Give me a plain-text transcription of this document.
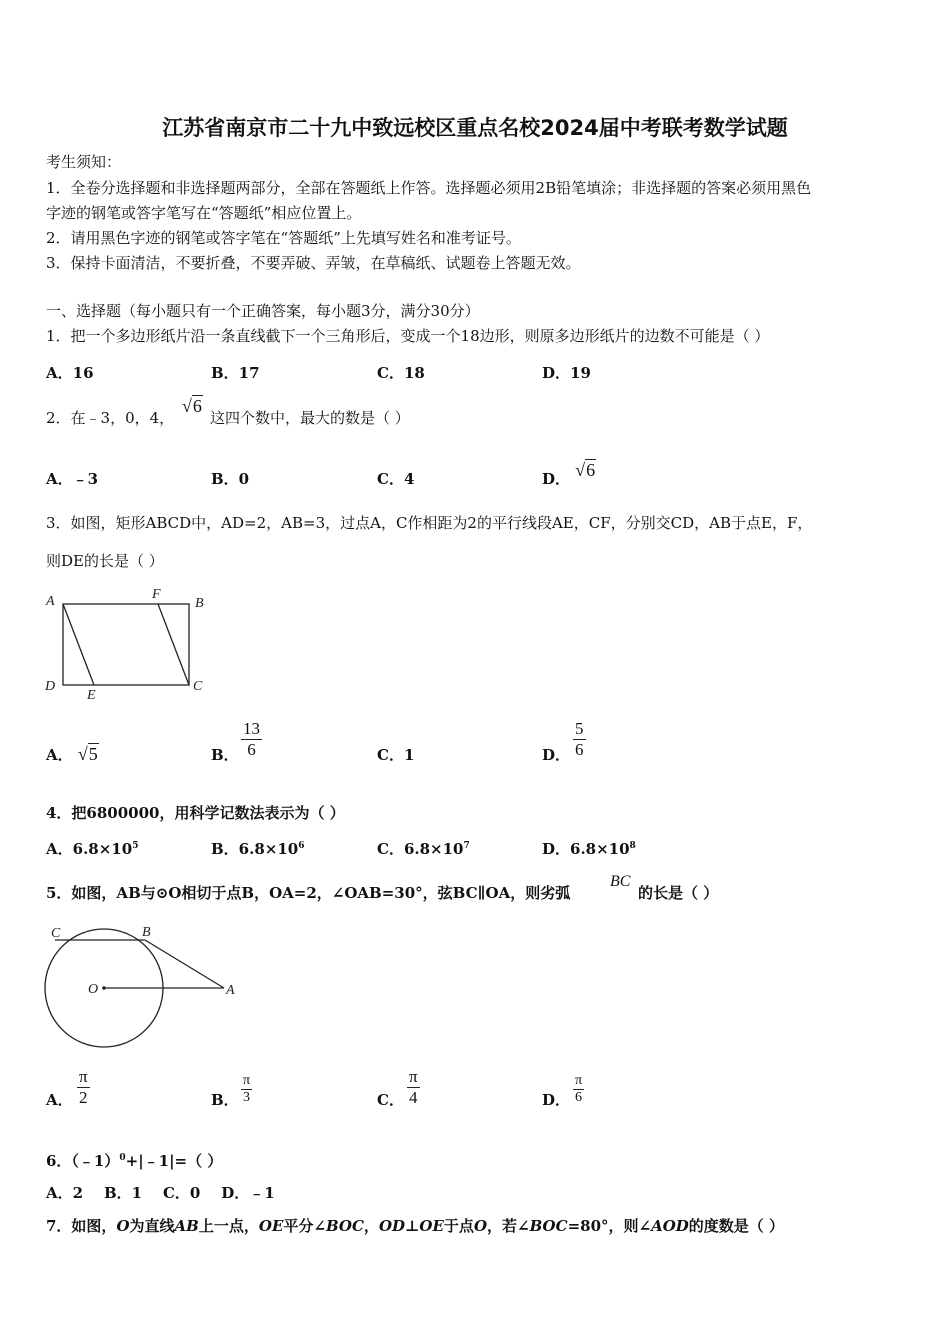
江苏省南京市二十九中致远校区重点名校2024届中考联考数学试题
考生须知：
1．全卷分选择题和非选择题两部分，全部在答题纸上作答。选择题必须用2B铅笔填涂；非选择题的答案必须用黑色
字迹的钢笔或答字笔写在“答题纸”相应位置上。
2．请用黑色字迹的钢笔或答字笔在“答题纸”上先填写姓名和准考证号。
3．保持卡面清洁，不要折叠，不要弄破、弄皱，在草稿纸、试题卷上答题无效。
一、选择题（每小题只有一个正确答案，每小题3分，满分30分）
1．把一个多边形纸片沿一条直线截下一个三角形后，变成一个18边形，则原多边形纸片的边数不可能是（ ）
A．16	B．17	C．18	D．19
2．在﹣3，0，4，
√6
这四个数中，最大的数是（ ）
A．﹣3	B．0	C．4	D． √6
3．如图，矩形ABCD中，AD=2，AB=3，过点A，C作相距为2的平行线段AE，CF，分别交CD，AB于点E，F，
则DE的长是（ ）
A	F
B
D
E
C
A． √5	B． $\frac{13}{6}$	C．1	D． $\frac{5}{6}$
4．把6800000，用科学记数法表示为（ ）
A．$6.8\times 10^5$	B．$6.8\times 10^6$	C．$6.8\times 10^7$	D．$6.8\times 10^8$
5．如图，AB与⊙O相切于点B，OA=2，∠OAB=30°，弦BC∥OA，则劣弧
BC
的长是（ ）
C	B
O	A
A． $\frac{\pi}{2}$	B． $\frac{\pi}{3}$	C． $\frac{\pi}{4}$	D． $\frac{\pi}{6}$
6．（﹣1）$^0$+|﹣1|=（ ）
A．2    B．1    C．0    D．﹣1
7．如图，O为直线AB上一点，OE平分∠BOC，OD⊥OE于点O，若∠BOC=80°，则∠AOD的度数是（ ）
